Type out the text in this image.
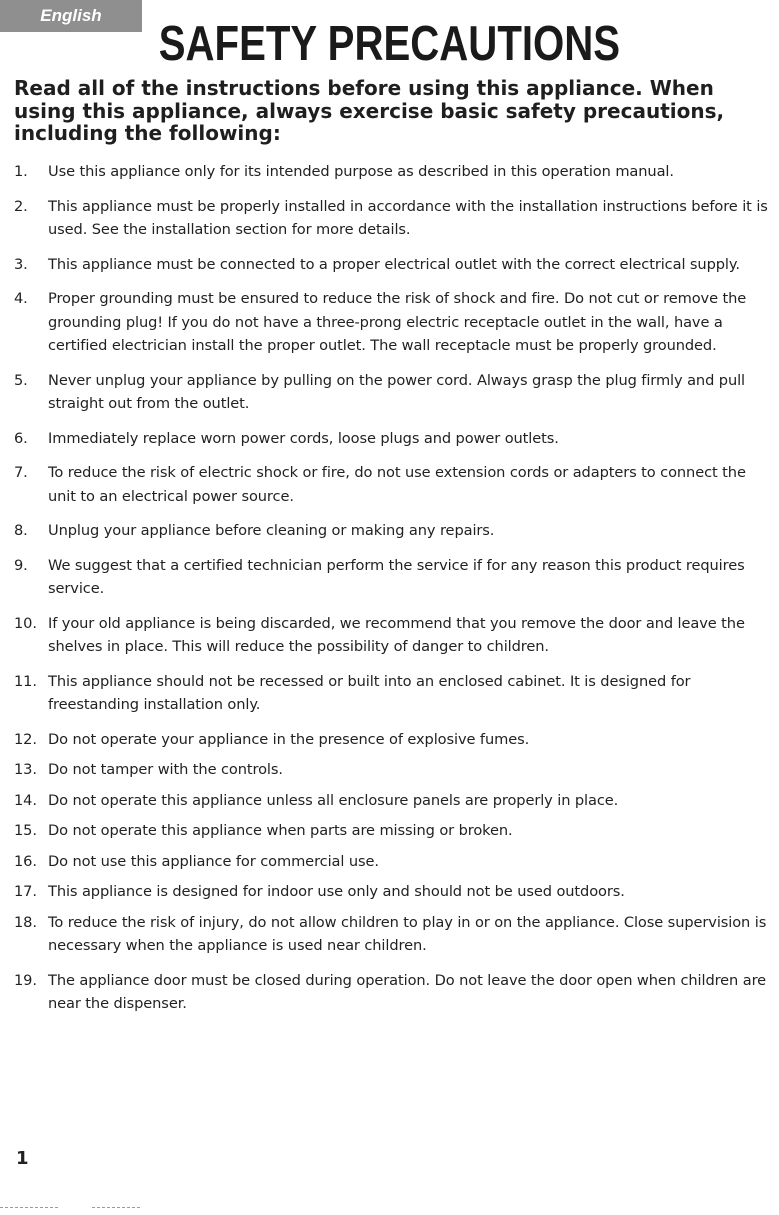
English
SAFETY PRECAUTIONS
Read all of the instructions before using this appliance. When using this appliance, always exercise basic safety precautions, including the following:
1. Use this appliance only for its intended purpose as described in this operation manual.
2. This appliance must be properly installed in accordance with the installation instructions before it is used. See the installation section for more details.
3. This appliance must be connected to a proper electrical outlet with the correct electrical supply.
4. Proper grounding must be ensured to reduce the risk of shock and fire. Do not cut or remove the grounding plug! If you do not have a three-prong electric receptacle outlet in the wall, have a certified electrician install the proper outlet. The wall receptacle must be properly grounded.
5. Never unplug your appliance by pulling on the power cord. Always grasp the plug firmly and pull straight out from the outlet.
6. Immediately replace worn power cords, loose plugs and power outlets.
7. To reduce the risk of electric shock or fire, do not use extension cords or adapters to connect the unit to an electrical power source.
8. Unplug your appliance before cleaning or making any repairs.
9. We suggest that a certified technician perform the service if for any reason this product requires service.
10. If your old appliance is being discarded, we recommend that you remove the door and leave the shelves in place. This will reduce the possibility of danger to children.
11. This appliance should not be recessed or built into an enclosed cabinet. It is designed for freestanding installation only.
12. Do not operate your appliance in the presence of explosive fumes.
13. Do not tamper with the controls.
14. Do not operate this appliance unless all enclosure panels are properly in place.
15. Do not operate this appliance when parts are missing or broken.
16. Do not use this appliance for commercial use.
17. This appliance is designed for indoor use only and should not be used outdoors.
18. To reduce the risk of injury, do not allow children to play in or on the appliance. Close supervision is necessary when the appliance is used near children.
19. The appliance door must be closed during operation. Do not leave the door open when children are near the dispenser.
1
